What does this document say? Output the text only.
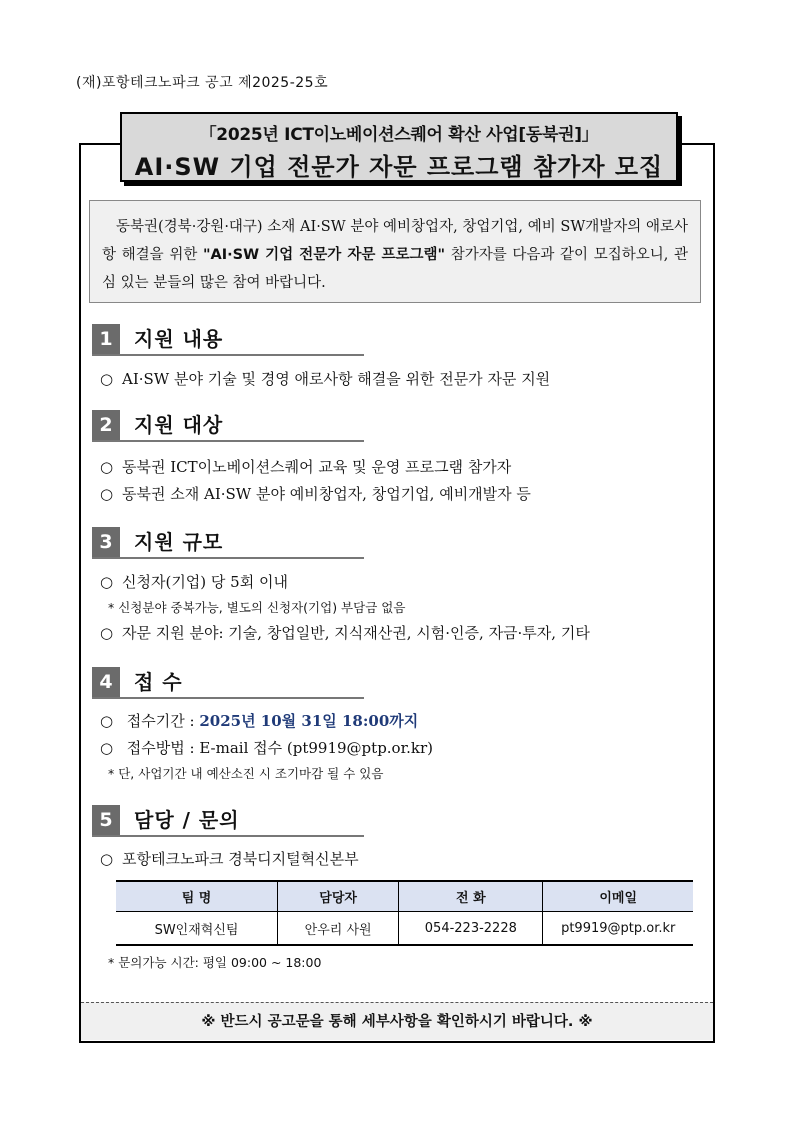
(재)포항테크노파크 공고 제2025-25호
「2025년 ICT이노베이션스퀘어 확산 사업[동북권]」
AI·SW 기업 전문가 자문 프로그램 참가자 모집
동북권(경북·강원·대구) 소재 AI·SW 분야 예비창업자, 창업기업, 예비 SW개발자의 애로사항 해결을 위한 "AI·SW 기업 전문가 자문 프로그램" 참가자를 다음과 같이 모집하오니, 관심 있는 분들의 많은 참여 바랍니다.
1	지원 내용
○ AI·SW 분야 기술 및 경영 애로사항 해결을 위한 전문가 자문 지원
2	지원 대상
○ 동북권 ICT이노베이션스퀘어 교육 및 운영 프로그램 참가자
○ 동북권 소재 AI·SW 분야 예비창업자, 창업기업, 예비개발자 등
3	지원 규모
○ 신청자(기업) 당 5회 이내
* 신청분야 중복가능, 별도의 신청자(기업) 부담금 없음
○ 자문 지원 분야: 기술, 창업일반, 지식재산권, 시험·인증, 자금·투자, 기타
4	접 수
○ 접수기간 : 2025년 10월 31일 18:00까지
○ 접수방법 : E-mail 접수 (pt9919@ptp.or.kr)
* 단, 사업기간 내 예산소진 시 조기마감 될 수 있음
5	담당 / 문의
○ 포항테크노파크 경북디지털혁신본부
팀 명	담당자	전 화	이메일
SW인재혁신팀	안우리 사원	054-223-2228	pt9919@ptp.or.kr
* 문의가능 시간: 평일 09:00 ~ 18:00
※ 반드시 공고문을 통해 세부사항을 확인하시기 바랍니다. ※
